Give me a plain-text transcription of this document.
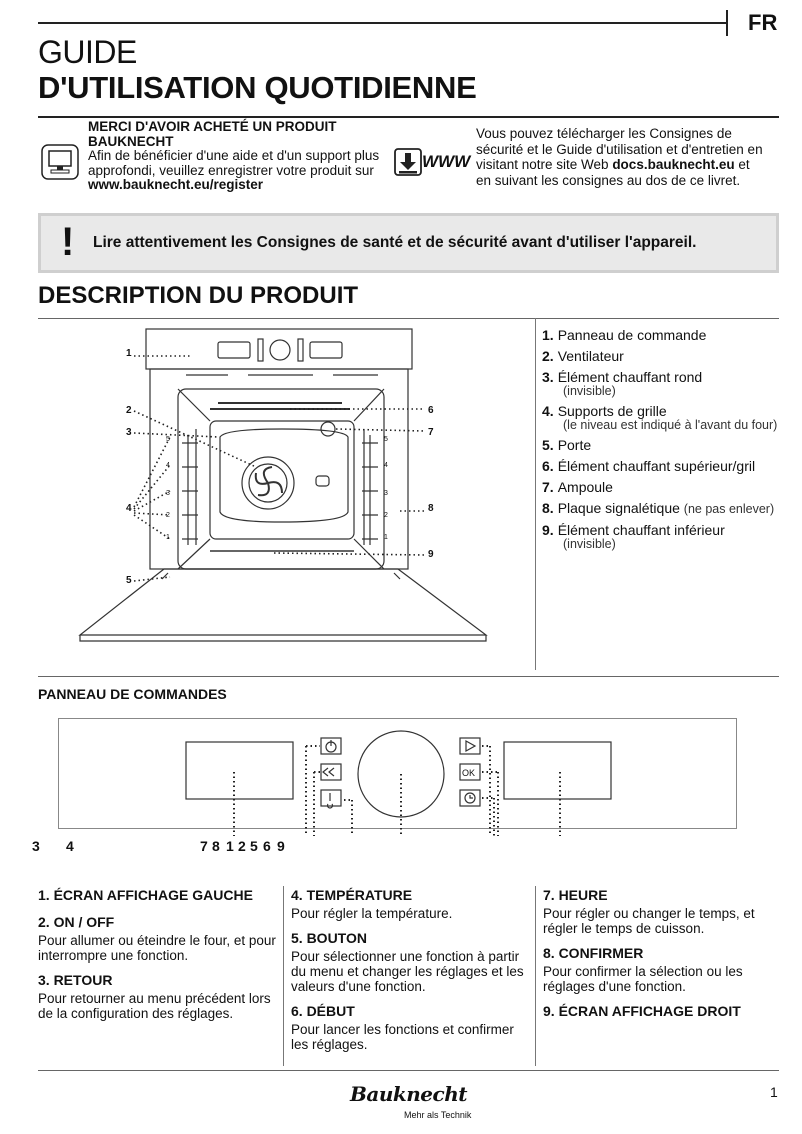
FR
GUIDE
D'UTILISATION QUOTIDIENNE
MERCI D'AVOIR ACHETÉ UN PRODUIT BAUKNECHT
Afin de bénéficier d'une aide et d'un support plus approfondi, veuillez enregistrer votre produit sur
www.bauknecht.eu/register
WWW
Vous pouvez télécharger les Consignes de sécurité et le Guide d'utilisation et d'entretien en visitant notre site Web docs.bauknecht.eu et en suivant les consignes au dos de ce livret.
! Lire attentivement les Consignes de santé et de sécurité avant d'utiliser l'appareil.
DESCRIPTION DU PRODUIT
1
2
3
4
5
6
7
8
9
5
4
3
2
1
5
4
3
2
1
1. Panneau de commande
2. Ventilateur
3. Élément chauffant rond
(invisible)
4. Supports de grille
(le niveau est indiqué à l'avant du four)
5. Porte
6. Élément chauffant supérieur/gril
7. Ampoule
8. Plaque signalétique (ne pas enlever)
9. Élément chauffant inférieur
(invisible)
PANNEAU DE COMMANDES
OK
3 4	7 8 1 2 5 6 9
1. ÉCRAN AFFICHAGE GAUCHE
2. ON / OFF
Pour allumer ou éteindre le four, et pour interrompre une fonction.
3. RETOUR
Pour retourner au menu précédent lors de la configuration des réglages.
4. TEMPÉRATURE
Pour régler la température.
5. BOUTON
Pour sélectionner une fonction à partir du menu et changer les réglages et les valeurs d'une fonction.
6. DÉBUT
Pour lancer les fonctions et confirmer les réglages.
7. HEURE
Pour régler ou changer le temps, et régler le temps de cuisson.
8. CONFIRMER
Pour confirmer la sélection ou les réglages d'une fonction.
9. ÉCRAN AFFICHAGE DROIT
Bauknecht
Mehr als Technik
1
